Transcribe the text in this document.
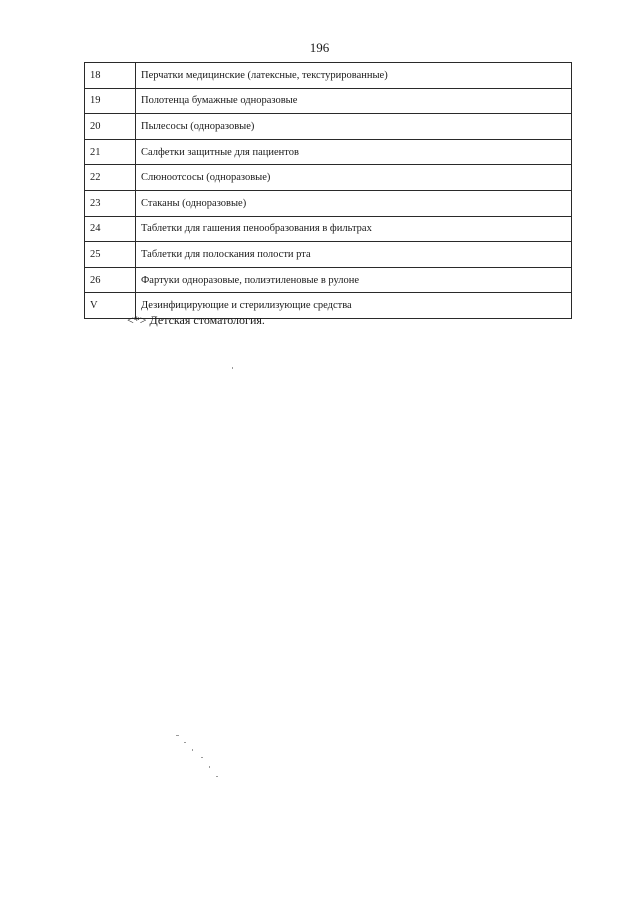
196
18	Перчатки медицинские (латексные, текстурированные)
19	Полотенца бумажные одноразовые
20	Пылесосы (одноразовые)
21	Салфетки защитные для пациентов
22	Слюноотсосы (одноразовые)
23	Стаканы (одноразовые)
24	Таблетки для гашения пенообразования в фильтрах
25	Таблетки для полоскания полости рта
26	Фартуки одноразовые, полиэтиленовые в рулоне
V	Дезинфицирующие и стерилизующие средства
<*> Детская стоматология.
